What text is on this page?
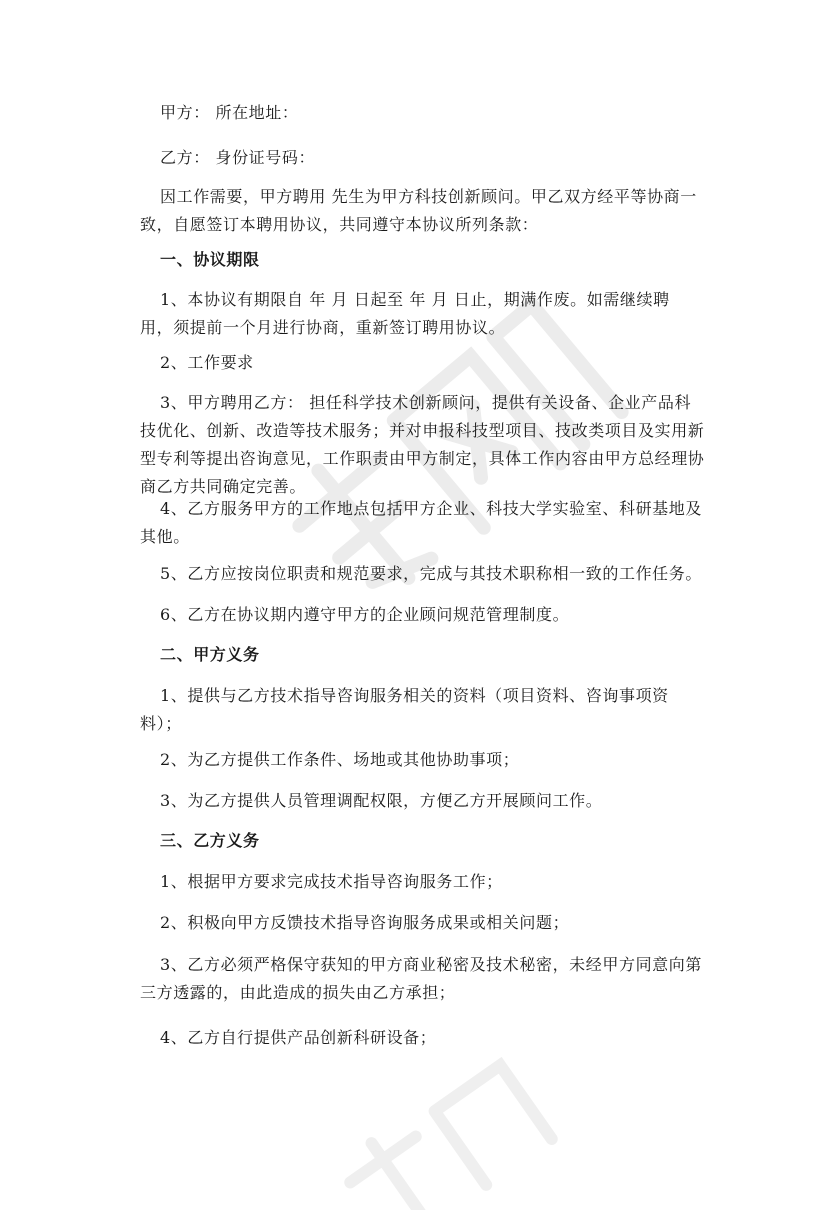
甲方： 所在地址：
乙方： 身份证号码：
因工作需要，甲方聘用 先生为甲方科技创新顾问。甲乙双方经平等协商一
致，自愿签订本聘用协议，共同遵守本协议所列条款：
一、协议期限
1、本协议有期限自 年 月 日起至 年 月 日止，期满作废。如需继续聘
用，须提前一个月进行协商，重新签订聘用协议。
2、工作要求
3、甲方聘用乙方： 担任科学技术创新顾问，提供有关设备、企业产品科
技优化、创新、改造等技术服务；并对申报科技型项目、技改类项目及实用新
型专利等提出咨询意见，工作职责由甲方制定，具体工作内容由甲方总经理协
商乙方共同确定完善。
4、乙方服务甲方的工作地点包括甲方企业、科技大学实验室、科研基地及
其他。
5、乙方应按岗位职责和规范要求，完成与其技术职称相一致的工作任务。
6、乙方在协议期内遵守甲方的企业顾问规范管理制度。
二、甲方义务
1、提供与乙方技术指导咨询服务相关的资料（项目资料、咨询事项资
料）；
2、为乙方提供工作条件、场地或其他协助事项；
3、为乙方提供人员管理调配权限，方便乙方开展顾问工作。
三、乙方义务
1、根据甲方要求完成技术指导咨询服务工作；
2、积极向甲方反馈技术指导咨询服务成果或相关问题；
3、乙方必须严格保守获知的甲方商业秘密及技术秘密，未经甲方同意向第
三方透露的，由此造成的损失由乙方承担；
4、乙方自行提供产品创新科研设备；
